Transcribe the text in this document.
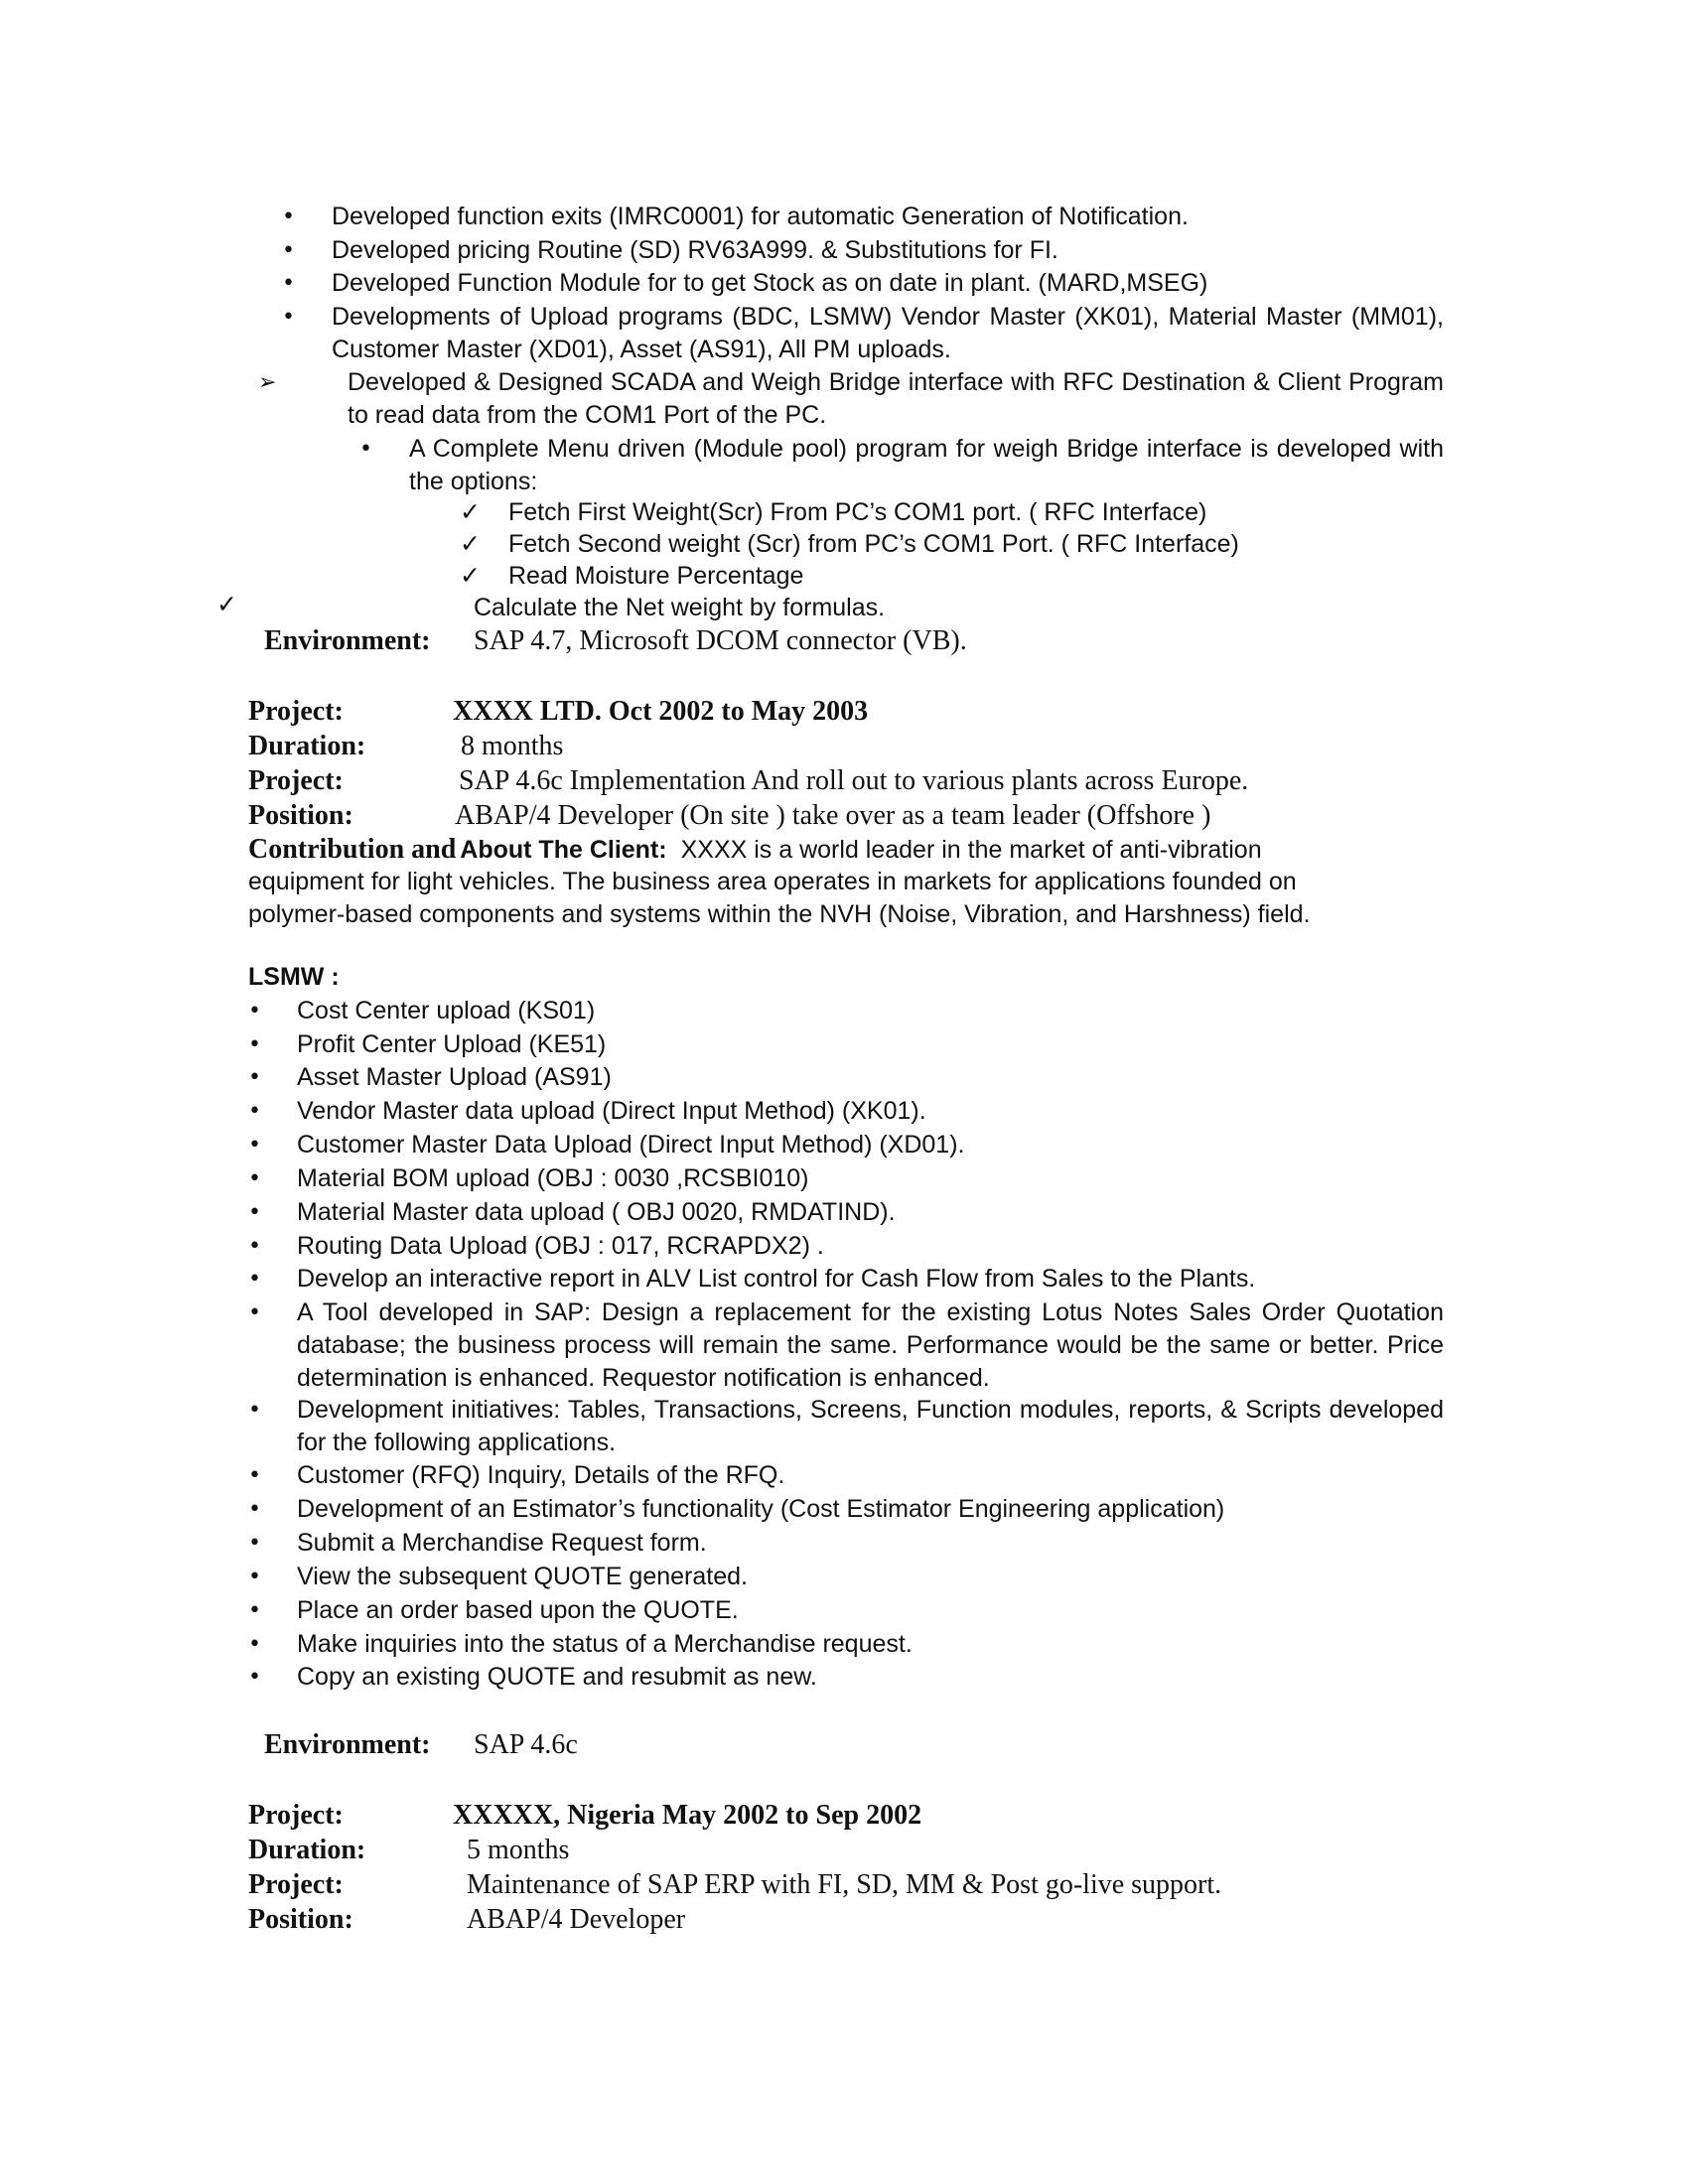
• Developed function exits (IMRC0001) for automatic Generation of Notification.
• Developed pricing Routine (SD) RV63A999. & Substitutions for FI.
• Developed Function Module for to get Stock as on date in plant. (MARD,MSEG)
• Developments of Upload programs (BDC, LSMW) Vendor Master (XK01), Material Master (MM01), Customer Master (XD01), Asset (AS91), All PM uploads.
➢	Developed & Designed SCADA and Weigh Bridge interface with RFC Destination & Client Program to read data from the COM1 Port of the PC.
• A Complete Menu driven (Module pool) program for weigh Bridge interface is developed with the options:
✓ Fetch First Weight(Scr) From PC’s COM1 port. ( RFC Interface)
✓ Fetch Second weight (Scr) from PC’s COM1 Port. ( RFC Interface)
✓ Read Moisture Percentage
✓	Calculate the Net weight by formulas.
Environment: SAP 4.7, Microsoft DCOM connector (VB).
Project:	XXXX LTD. Oct 2002 to May 2003
Duration:	8 months
Project:	SAP 4.6c Implementation And roll out to various plants across Europe.
Position:	ABAP/4 Developer (On site ) take over as a team leader (Offshore )
Contribution and About The Client: XXXX is a world leader in the market of anti-vibration
equipment for light vehicles. The business area operates in markets for applications founded on
polymer-based components and systems within the NVH (Noise, Vibration, and Harshness) field.
LSMW :
• Cost Center upload (KS01)
• Profit Center Upload (KE51)
• Asset Master Upload (AS91)
• Vendor Master data upload (Direct Input Method) (XK01).
• Customer Master Data Upload (Direct Input Method) (XD01).
• Material BOM upload (OBJ : 0030 ,RCSBI010)
• Material Master data upload ( OBJ 0020, RMDATIND).
• Routing Data Upload (OBJ : 017, RCRAPDX2) .
• Develop an interactive report in ALV List control for Cash Flow from Sales to the Plants.
• A Tool developed in SAP: Design a replacement for the existing Lotus Notes Sales Order Quotation database; the business process will remain the same. Performance would be the same or better. Price determination is enhanced. Requestor notification is enhanced.
• Development initiatives: Tables, Transactions, Screens, Function modules, reports, & Scripts developed for the following applications.
• Customer (RFQ) Inquiry, Details of the RFQ.
• Development of an Estimator’s functionality (Cost Estimator Engineering application)
• Submit a Merchandise Request form.
• View the subsequent QUOTE generated.
• Place an order based upon the QUOTE.
• Make inquiries into the status of a Merchandise request.
• Copy an existing QUOTE and resubmit as new.
Environment: SAP 4.6c
Project:	XXXXX, Nigeria May 2002 to Sep 2002
Duration:	5 months
Project:	Maintenance of SAP ERP with FI, SD, MM & Post go-live support.
Position:	ABAP/4 Developer
